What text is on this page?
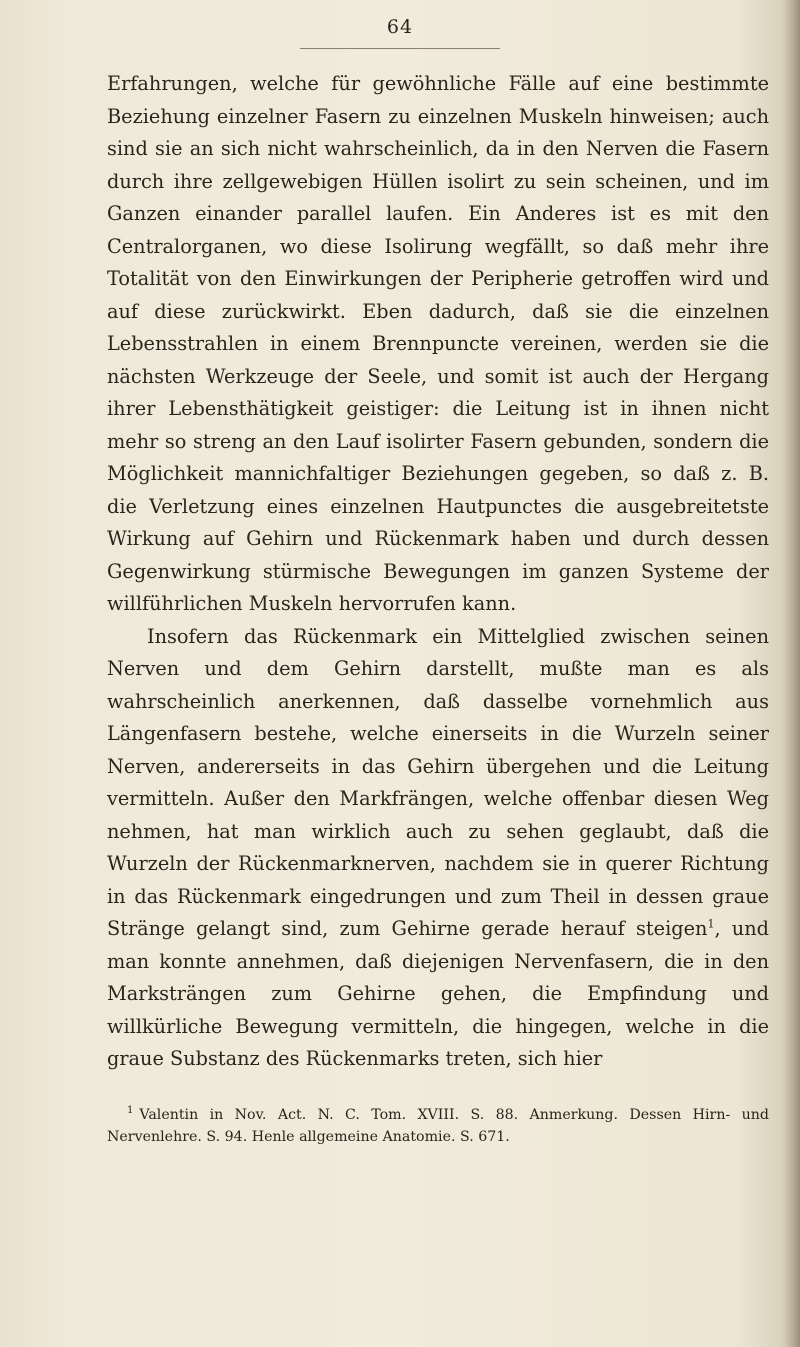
64

Erfahrungen, welche für gewöhnliche Fälle auf eine bestimmte Beziehung einzelner Fasern zu einzelnen Muskeln hinweisen; auch sind sie an sich nicht wahrscheinlich, da in den Nerven die Fasern durch ihre zellgewebigen Hüllen isolirt zu sein scheinen, und im Ganzen einander parallel laufen. Ein Anderes ist es mit den Centralorganen, wo diese Isolirung wegfällt, so daß mehr ihre Totalität von den Einwirkungen der Peripherie getroffen wird und auf diese zurückwirkt. Eben dadurch, daß sie die einzelnen Lebensstrahlen in einem Brennpuncte vereinen, werden sie die nächsten Werkzeuge der Seele, und somit ist auch der Hergang ihrer Lebensthätigkeit geistiger: die Leitung ist in ihnen nicht mehr so streng an den Lauf isolirter Fasern gebunden, sondern die Möglichkeit mannichfaltiger Beziehungen gegeben, so daß z. B. die Verletzung eines einzelnen Hautpunctes die ausgebreitetste Wirkung auf Gehirn und Rückenmark haben und durch dessen Gegenwirkung stürmische Bewegungen im ganzen Systeme der willführlichen Muskeln hervorrufen kann.

Insofern das Rückenmark ein Mittelglied zwischen seinen Nerven und dem Gehirn darstellt, mußte man es als wahrscheinlich anerkennen, daß dasselbe vornehmlich aus Längenfasern bestehe, welche einerseits in die Wurzeln seiner Nerven, andererseits in das Gehirn übergehen und die Leitung vermitteln. Außer den Markfrängen, welche offenbar diesen Weg nehmen, hat man wirklich auch zu sehen geglaubt, daß die Wurzeln der Rückenmarknerven, nachdem sie in querer Richtung in das Rückenmark eingedrungen und zum Theil in dessen graue Stränge gelangt sind, zum Gehirne gerade herauf steigen$^1$, und man konnte annehmen, daß diejenigen Nervenfasern, die in den Marksträngen zum Gehirne gehen, die Empfindung und willkürliche Bewegung vermitteln, die hingegen, welche in die graue Substanz des Rückenmarks treten, sich hier

$^1$ Valentin in Nov. Act. N. C. Tom. XVIII. S. 88. Anmerkung. Dessen Hirn- und Nervenlehre. S. 94. Henle allgemeine Anatomie. S. 671.
